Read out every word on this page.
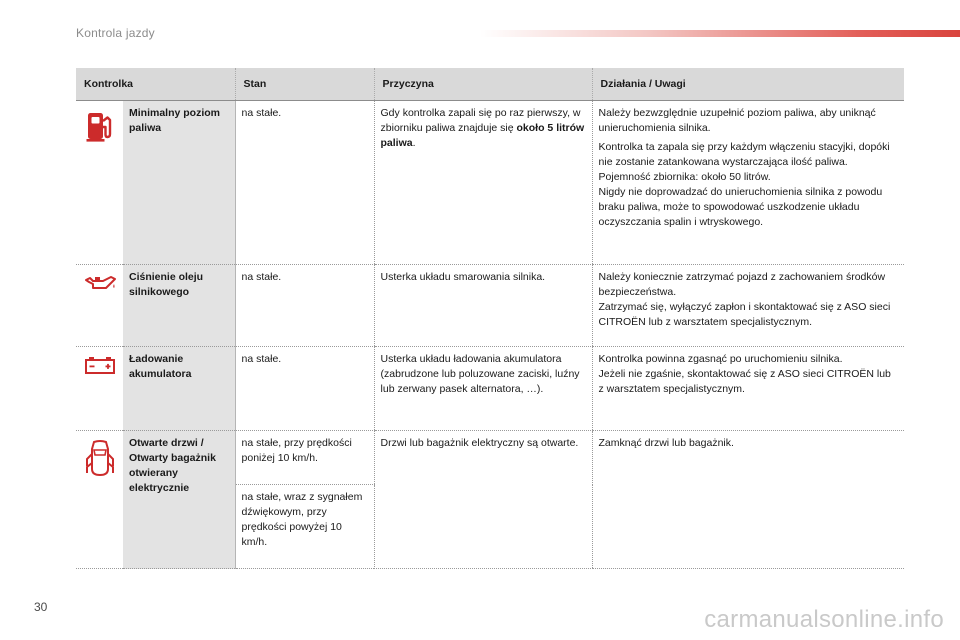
Kontrola jazdy
Kontrolka		Stan	Przyczyna	Działania / Uwagi

	Minimalny poziom paliwa	na stałe.	Gdy kontrolka zapali się po raz pierwszy, w zbiorniku paliwa znajduje się około 5 litrów paliwa.	Należy bezwzględnie uzupełnić poziom paliwa, aby uniknąć unieruchomienia silnika.
Kontrolka ta zapala się przy każdym włączeniu stacyjki, dopóki nie zostanie zatankowana wystarczająca ilość paliwa.
Pojemność zbiornika: około 50 litrów.
Nigdy nie doprowadzać do unieruchomienia silnika z powodu braku paliwa, może to spowodować uszkodzenie układu oczyszczania spalin i wtryskowego.

	Ciśnienie oleju silnikowego	na stałe.	Usterka układu smarowania silnika.	Należy koniecznie zatrzymać pojazd z zachowaniem środków bezpieczeństwa.
Zatrzymać się, wyłączyć zapłon i skontaktować się z ASO sieci CITROËN lub z warsztatem specjalistycznym.

	Ładowanie akumulatora	na stałe.	Usterka układu ładowania akumulatora (zabrudzone lub poluzowane zaciski, luźny lub zerwany pasek alternatora, …).	Kontrolka powinna zgasnąć po uruchomieniu silnika.
Jeżeli nie zgaśnie, skontaktować się z ASO sieci CITROËN lub z warsztatem specjalistycznym.

	Otwarte drzwi / Otwarty bagażnik otwierany elektrycznie	na stałe, przy prędkości poniżej 10 km/h.	Drzwi lub bagażnik elektryczny są otwarte.	Zamknąć drzwi lub bagażnik.

		na stałe, wraz z sygnałem dźwiękowym, przy prędkości powyżej 10 km/h.		
30	carmanualsonline.info
